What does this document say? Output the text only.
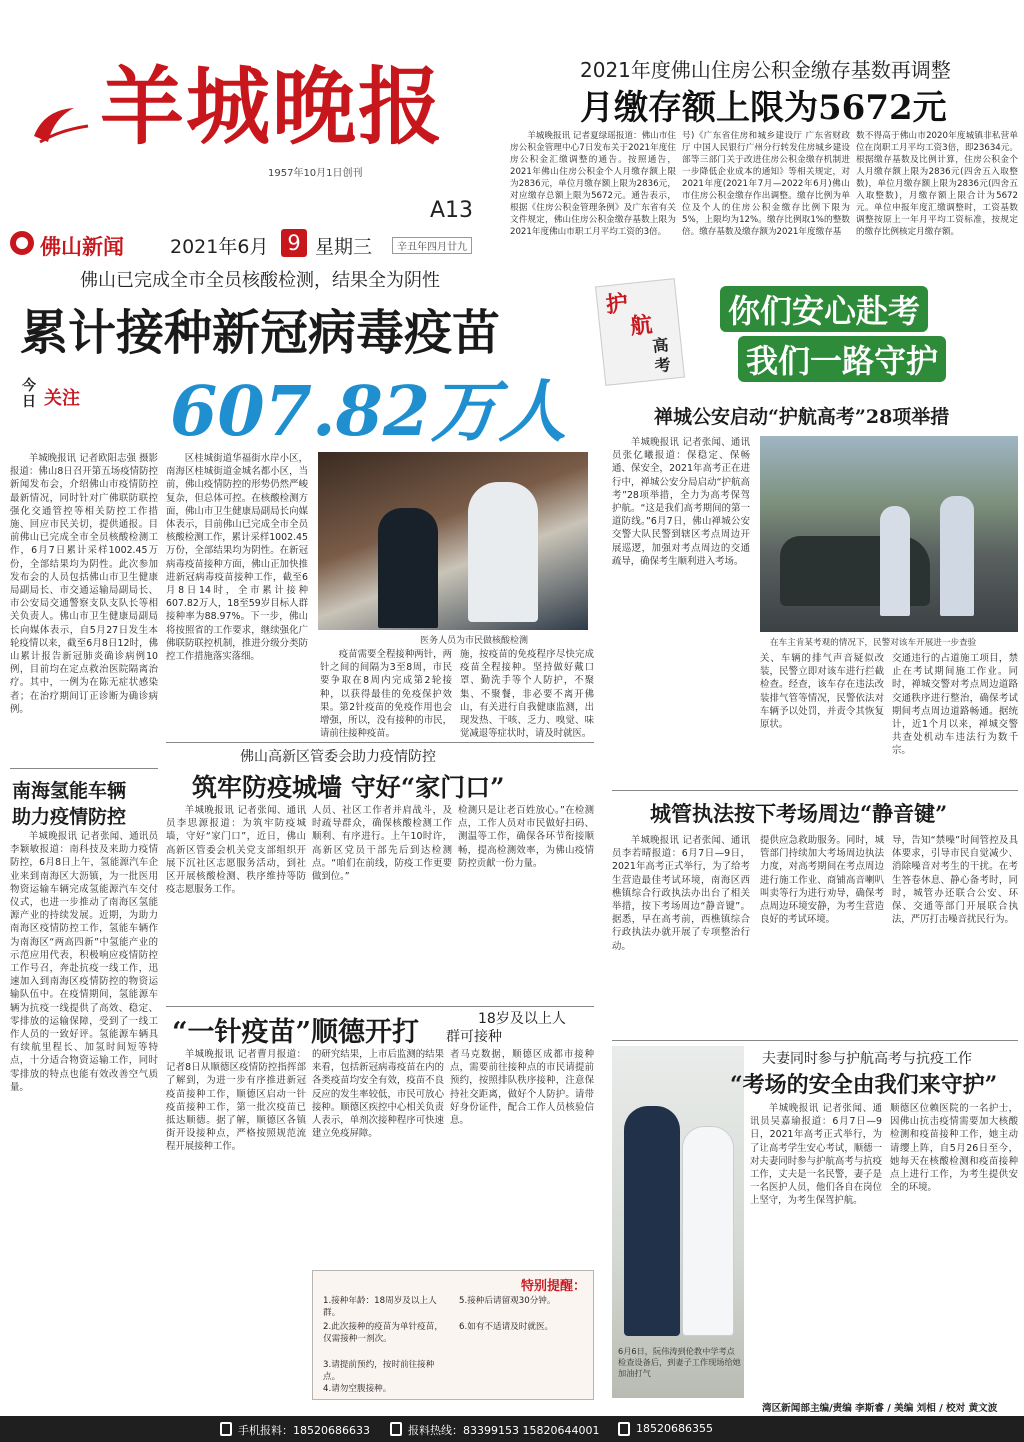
羊城晚报
1957年10月1日创刊
A13
2021年度佛山住房公积金缴存基数再调整
月缴存额上限为5672元
羊城晚报讯 记者夏绿瑶报道：佛山市住房公积金管理中心7日发布关于2021年度住房公积金汇缴调整的通告。按照通告，2021年佛山住房公积金个人月缴存额上限为2836元，单位月缴存额上限为2836元，对应缴存总额上限为5672元。通告表示，根据《住房公积金管理条例》及广东省有关文件规定，佛山住房公积金缴存基数上限为2021年度佛山市职工月平均工资的3倍。
号)《广东省住房和城乡建设厅 广东省财政厅 中国人民银行广州分行转发住房城乡建设部等三部门关于改进住房公积金缴存机制进一步降低企业成本的通知》等相关规定，对2021年度(2021年7月—2022年6月)佛山市住房公积金缴存作出调整。缴存比例为单位及个人的住房公积金缴存比例下限为5%，上限均为12%。缴存比例取1%的整数倍。缴存基数及缴存额为2021年度缴存基
数不得高于佛山市2020年度城镇非私营单位在岗职工月平均工资3倍，即23634元。根据缴存基数及比例计算，住房公积金个人月缴存额上限为2836元(四舍五入取整数)，单位月缴存额上限为2836元(四舍五入取整数)，月缴存额上限合计为5672元。单位申报年度汇缴调整时，工资基数调整按原上一年月平均工资标准，按规定的缴存比例核定月缴存额。
佛山新闻 2021年6月 9 星期三	辛丑年四月廿九
佛山已完成全市全员核酸检测，结果全为阴性
累计接种新冠病毒疫苗
今日 关注 607.82万人
羊城晚报讯 记者欧阳志强 摄影报道：佛山8日召开第五场疫情防控新闻发布会，介绍佛山市疫情防控最新情况，同时针对广佛联防联控强化交通管控等相关防控工作措施、回应市民关切，提供通报。目前佛山已完成全市全员核酸检测工作，6月7日累计采样1002.45万份，全部结果均为阴性。此次参加发布会的人员包括佛山市卫生健康局副局长、市交通运输局副局长、市公安局交通警察支队支队长等相关负责人。佛山市卫生健康局副局长向媒体表示，自5月27日发生本轮疫情以来，截至6月8日12时，佛山累计报告新冠肺炎确诊病例10例，目前均在定点救治医院隔离治疗。其中，一例为在陈无症状感染者；在治疗期间订正诊断为确诊病例。
区桂城街道华福街水岸小区，南海区桂城街道金城名都小区，当前，佛山疫情防控的形势仍然严峻复杂，但总体可控。在核酸检测方面，佛山市卫生健康局副局长向媒体表示，目前佛山已完成全市全员核酸检测工作，累计采样1002.45万份，全部结果均为阴性。在新冠病毒疫苗接种方面，佛山正加快推进新冠病毒疫苗接种工作，截至6月8日14时，全市累计接种607.82万人，18至59岁目标人群接种率为88.97%。下一步，佛山将按照省的工作要求，继续强化广佛联防联控机制，推进分级分类防控工作措施落实落细。
医务人员为市民做核酸检测
疫苗需要全程接种两针，两针之间的间隔为3至8周，市民要争取在8周内完成第2轮接种，以获得最佳的免疫保护效果。第2针疫苗的免疫作用也会增强，所以，没有接种的市民，请前往接种疫苗。
施，按疫苗的免疫程序尽快完成疫苗全程接种。坚持做好戴口罩、勤洗手等个人防护，不聚集、不聚餐，非必要不离开佛山，有关进行自我健康监测，出现发热、干咳、乏力、嗅觉、味觉减退等症状时，请及时就医。
南海氢能车辆
助力疫情防控
羊城晚报讯 记者张闻、通讯员李颖敏报道：南科技及来助力疫情防控，6月8日上午，氢能源汽车企业来到南海区大沥镇，为一批医用物资运输车辆完成氢能源汽车交付仪式，也进一步推动了南海区氢能源产业的持续发展。近期，为助力南海区疫情防控工作，氢能车辆作为南海区“两高四新”中氢能产业的示范应用代表，积极响应疫情防控工作号召，奔赴抗疫一线工作，迅速加入到南海区疫情防控的物资运输队伍中。在疫情期间，氢能源车辆为抗疫一线提供了高效、稳定、零排放的运输保障，受到了一线工作人员的一致好评。氢能源车辆具有续航里程长、加氢时间短等特点，十分适合物资运输工作，同时零排放的特点也能有效改善空气质量。
佛山高新区管委会助力疫情防控
筑牢防疫城墙 守好“家门口”
羊城晚报讯 记者张闻、通讯员李思源报道：为筑牢防疫城墙，守好“家门口”，近日，佛山高新区管委会机关党支部组织开展下沉社区志愿服务活动，到社区开展核酸检测、秩序维持等防疫志愿服务工作。
人员、社区工作者并肩战斗，及时疏导群众，确保核酸检测工作顺利、有序进行。上午10时许，高新区党员干部先后到达检测点。“咱们在前线，防疫工作更要做到位。”
检测只是让老百姓放心。”在检测点，工作人员对市民做好扫码、测温等工作，确保各环节衔接顺畅，提高检测效率，为佛山疫情防控贡献一份力量。
“一针疫苗”顺德开打	18岁及以上人
群可接种
羊城晚报讯 记者曹月报道：记者8日从顺德区疫情防控指挥部了解到，为进一步有序推进新冠疫苗接种工作，顺德区启动一针疫苗接种工作，第一批次疫苗已抵达顺德。据了解，顺德区各镇街开设接种点，严格按照规范流程开展接种工作。
的研究结果，上市后监测的结果来看，包括新冠病毒疫苗在内的各类疫苗均安全有效，疫苗不良反应的发生率较低，市民可放心接种。顺德区疾控中心相关负责人表示，单剂次接种程序可快速建立免疫屏障。
者马克数据，顺德区成都市接种点，需要前往接种点的市民请提前预约，按照排队秩序接种，注意保持社交距离，做好个人防护。请带好身份证件，配合工作人员核验信息。
特别提醒：
1.接种年龄：18周岁及以上人群。
2.此次接种的疫苗为单针疫苗，仅需接种一剂次。
3.请提前预约，按时前往接种点。
4.请勿空腹接种。
5.接种后请留观30分钟。
6.如有不适请及时就医。
护
航
高
考
你们安心赴考
我们一路守护
禅城公安启动“护航高考”28项举措
羊城晚报讯 记者张闻、通讯员张亿曦报道：保稳定、保畅通、保安全，2021年高考正在进行中，禅城公安分局启动“护航高考”28项举措，全力为高考保驾护航。“这是我们高考期间的第一道防线。”6月7日，佛山禅城公安交警大队民警到辖区考点周边开展巡逻，加强对考点周边的交通疏导，确保考生顺利进入考场。
在车主肯某考观的情况下，民警对该车开展进一步查验
关、车辆的排气声音疑似改装，民警立即对该车进行拦截检查。经查，该车存在违法改装排气管等情况，民警依法对车辆予以处罚，并责令其恢复原状。
交通违行的占道施工项目，禁止在考试期间施工作业。同时，禅城交警对考点周边道路交通秩序进行整治，确保考试期间考点周边道路畅通。据统计，近1个月以来，禅城交警共查处机动车违法行为数千宗。
城管执法按下考场周边“静音键”
羊城晚报讯 记者张闻、通讯员李若晴报道：6月7日—9日，2021年高考正式举行，为了给考生营造最佳考试环境，南海区西樵镇综合行政执法办出台了相关举措，按下考场周边“静音键”。据悉，早在高考前，西樵镇综合行政执法办就开展了专项整治行动。
提供应急救助服务。同时，城管部门持续加大考场周边执法力度，对高考期间在考点周边进行施工作业、商铺高音喇叭叫卖等行为进行劝导，确保考点周边环境安静，为考生营造良好的考试环境。
导，告知“禁噪”时间管控及具体要求，引导市民自觉减少、消除噪音对考生的干扰。在考生答卷休息、静心备考时，同时，城管办还联合公安、环保、交通等部门开展联合执法，严厉打击噪音扰民行为。
6月6日，阮伟涛到伦教中学考点检查设备后，到妻子工作现场给她加油打气
夫妻同时参与护航高考与抗疫工作
“考场的安全由我们来守护”
羊城晚报讯 记者张闻、通讯员吴嘉瑜报道：6月7日—9日，2021年高考正式举行，为了让高考学生安心考试，顺德一对夫妻同时参与护航高考与抗疫工作，丈夫是一名民警，妻子是一名医护人员，他们各自在岗位上坚守，为考生保驾护航。
顺德区位赖医院的一名护士，因佛山抗击疫情需要加大核酸检测和疫苗接种工作，她主动请缨上阵，自5月26日至今，她每天在核酸检测和疫苗接种点上进行工作，为考生提供安全的环境。
湾区新闻部主编/责编 李斯睿 / 美编 刘相 / 校对 黄文波
手机报料：18520686633	报料热线：83399153 15820644001	18520686355
